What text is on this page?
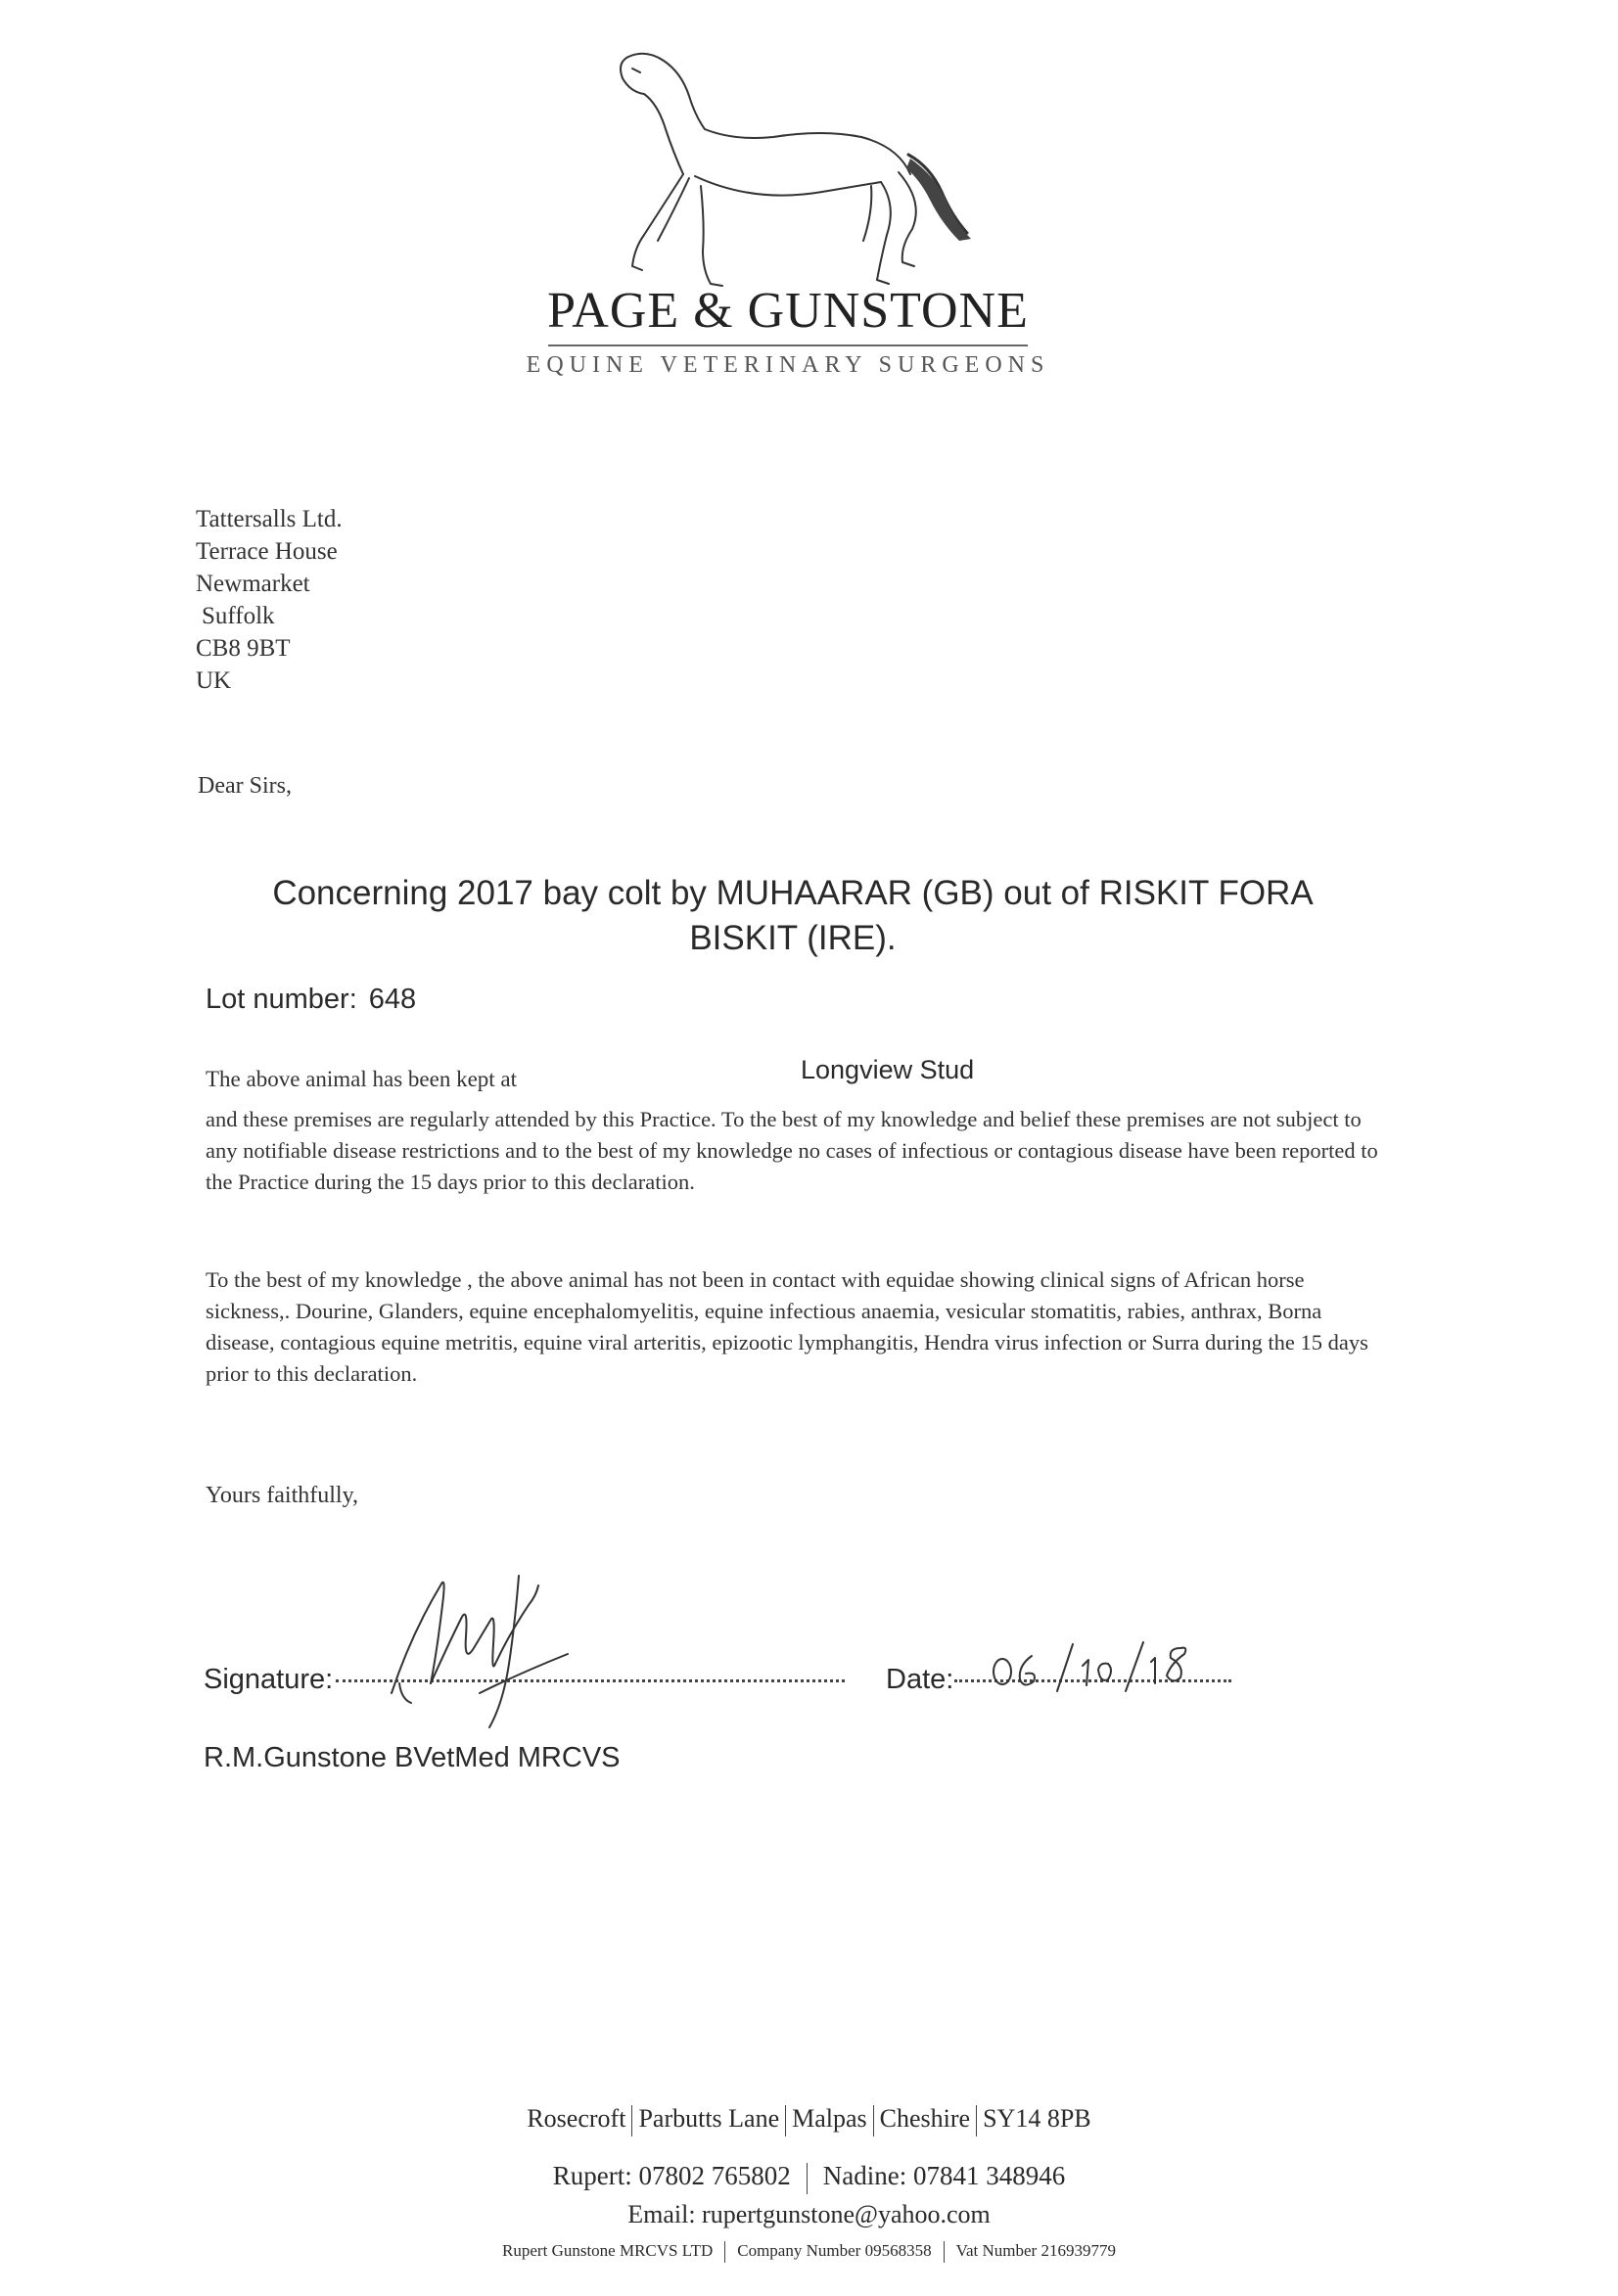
PAGE & GUNSTONE
EQUINE VETERINARY SURGEONS
Tattersalls Ltd.
Terrace House
Newmarket
Suffolk
CB8 9BT
UK
Dear Sirs,
Concerning 2017 bay colt by MUHAARAR (GB) out of RISKIT FORA
BISKIT (IRE).
Lot number: 648
The above animal has been kept at	Longview Stud
and these premises are regularly attended by this Practice. To the best of my knowledge and belief these premises are not subject to any notifiable disease restrictions and to the best of my knowledge no cases of infectious or contagious disease have been reported to the Practice during the 15 days prior to this declaration.
To the best of my knowledge , the above animal has not been in contact with equidae showing clinical signs of African horse sickness,. Dourine, Glanders, equine encephalomyelitis, equine infectious anaemia, vesicular stomatitis, rabies, anthrax, Borna disease, contagious equine metritis, equine viral arteritis, epizootic lymphangitis, Hendra virus infection or Surra during the 15 days prior to this declaration.
Yours faithfully,
Signature:	Date:
R.M.Gunstone BVetMed MRCVS
Rosecroft Parbutts Lane Malpas Cheshire SY14 8PB
Rupert: 07802 765802 Nadine: 07841 348946
Email: rupertgunstone@yahoo.com
Rupert Gunstone MRCVS LTD Company Number 09568358 Vat Number 216939779
